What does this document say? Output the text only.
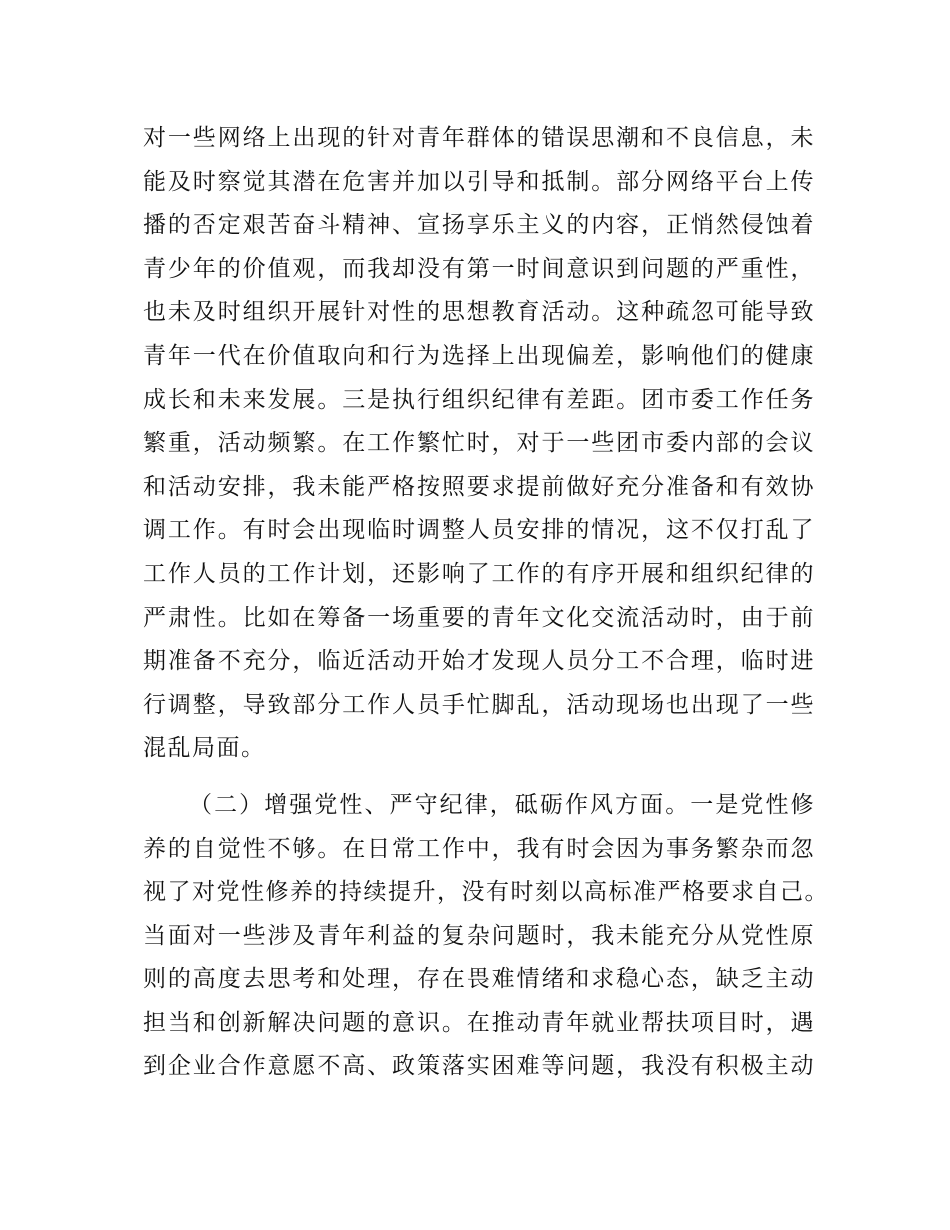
对一些网络上出现的针对青年群体的错误思潮和不良信息，未
能及时察觉其潜在危害并加以引导和抵制。部分网络平台上传
播的否定艰苦奋斗精神、宣扬享乐主义的内容，正悄然侵蚀着
青少年的价值观，而我却没有第一时间意识到问题的严重性，
也未及时组织开展针对性的思想教育活动。这种疏忽可能导致
青年一代在价值取向和行为选择上出现偏差，影响他们的健康
成长和未来发展。三是执行组织纪律有差距。团市委工作任务
繁重，活动频繁。在工作繁忙时，对于一些团市委内部的会议
和活动安排，我未能严格按照要求提前做好充分准备和有效协
调工作。有时会出现临时调整人员安排的情况，这不仅打乱了
工作人员的工作计划，还影响了工作的有序开展和组织纪律的
严肃性。比如在筹备一场重要的青年文化交流活动时，由于前
期准备不充分，临近活动开始才发现人员分工不合理，临时进
行调整，导致部分工作人员手忙脚乱，活动现场也出现了一些
混乱局面。
（二）增强党性、严守纪律，砥砺作风方面。一是党性修
养的自觉性不够。在日常工作中，我有时会因为事务繁杂而忽
视了对党性修养的持续提升，没有时刻以高标准严格要求自己。
当面对一些涉及青年利益的复杂问题时，我未能充分从党性原
则的高度去思考和处理，存在畏难情绪和求稳心态，缺乏主动
担当和创新解决问题的意识。在推动青年就业帮扶项目时，遇
到企业合作意愿不高、政策落实困难等问题，我没有积极主动
